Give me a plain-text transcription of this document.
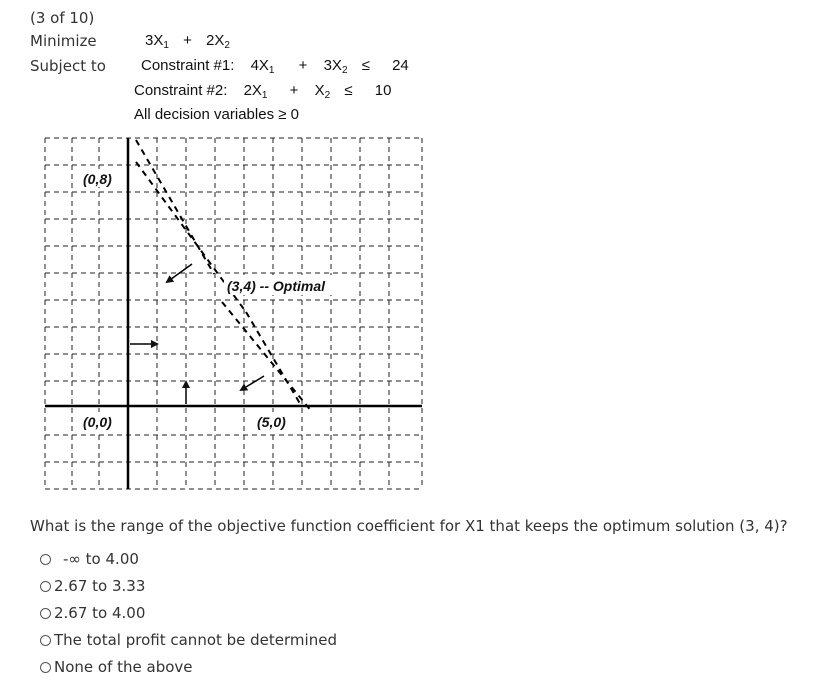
(3 of 10)
Minimize
Subject to
$3X_1 + 2X_2$
Constraint #1: $4X_1 + 3X_2 \le 24$
Constraint #2: $2X_1 + X_2 \le 10$
All decision variables ≥ 0
(0,8)
(0,0)	(5,0)
(3,4) -- Optimal
What is the range of the objective function coefficient for X1 that keeps the optimum solution (3, 4)?
-∞ to 4.00
2.67 to 3.33
2.67 to 4.00
The total profit cannot be determined
None of the above
